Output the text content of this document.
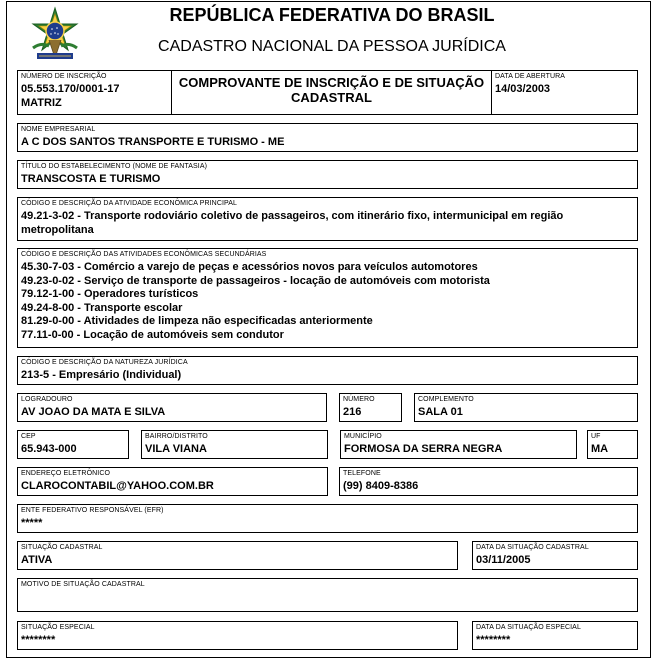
REPÚBLICA FEDERATIVA DO BRASIL
CADASTRO NACIONAL DA PESSOA JURÍDICA
NÚMERO DE INSCRIÇÃO
05.553.170/0001-17
MATRIZ
COMPROVANTE DE INSCRIÇÃO E DE SITUAÇÃO
CADASTRAL
DATA DE ABERTURA
14/03/2003
NOME EMPRESARIAL
A C DOS SANTOS TRANSPORTE E TURISMO - ME
TÍTULO DO ESTABELECIMENTO (NOME DE FANTASIA)
TRANSCOSTA E TURISMO
CÓDIGO E DESCRIÇÃO DA ATIVIDADE ECONÔMICA PRINCIPAL
49.21-3-02 - Transporte rodoviário coletivo de passageiros, com itinerário fixo, intermunicipal em região
metropolitana
CÓDIGO E DESCRIÇÃO DAS ATIVIDADES ECONÔMICAS SECUNDÁRIAS
45.30-7-03 - Comércio a varejo de peças e acessórios novos para veículos automotores
49.23-0-02 - Serviço de transporte de passageiros - locação de automóveis com motorista
79.12-1-00 - Operadores turísticos
49.24-8-00 - Transporte escolar
81.29-0-00 - Atividades de limpeza não especificadas anteriormente
77.11-0-00 - Locação de automóveis sem condutor
CÓDIGO E DESCRIÇÃO DA NATUREZA JURÍDICA
213-5 - Empresário (Individual)
LOGRADOURO
AV JOAO DA MATA E SILVA
NÚMERO
216
COMPLEMENTO
SALA 01
CEP
65.943-000
BAIRRO/DISTRITO
VILA VIANA
MUNICÍPIO
FORMOSA DA SERRA NEGRA
UF
MA
ENDEREÇO ELETRÔNICO
CLAROCONTABIL@YAHOO.COM.BR
TELEFONE
(99) 8409-8386
ENTE FEDERATIVO RESPONSÁVEL (EFR)
*****
SITUAÇÃO CADASTRAL
ATIVA
DATA DA SITUAÇÃO CADASTRAL
03/11/2005
MOTIVO DE SITUAÇÃO CADASTRAL
SITUAÇÃO ESPECIAL
********
DATA DA SITUAÇÃO ESPECIAL
********
